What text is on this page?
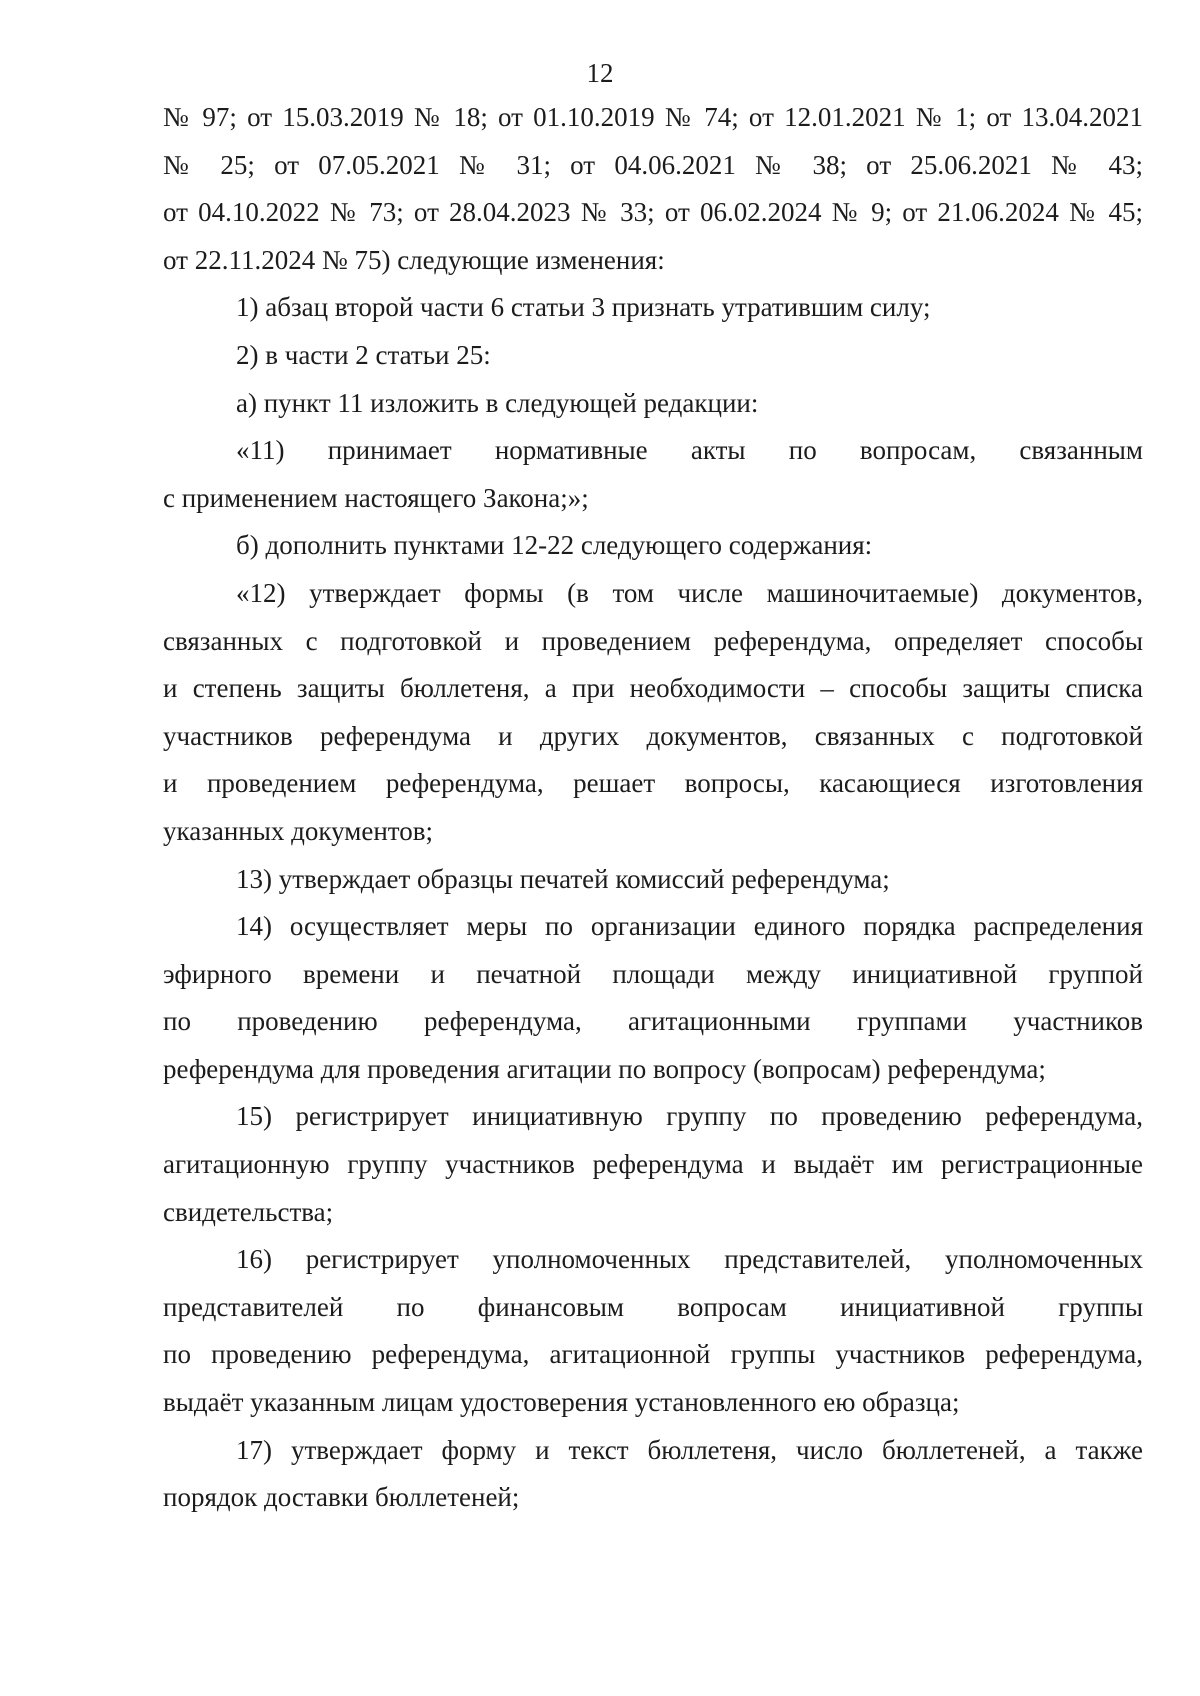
12
№ 97; от 15.03.2019 № 18; от 01.10.2019 № 74; от 12.01.2021 № 1; от 13.04.2021
№ 25; от 07.05.2021 № 31; от 04.06.2021 № 38; от 25.06.2021 № 43;
от 04.10.2022 № 73; от 28.04.2023 № 33; от 06.02.2024 № 9; от 21.06.2024 № 45;
от 22.11.2024 № 75) следующие изменения:
1) абзац второй части 6 статьи 3 признать утратившим силу;
2) в части 2 статьи 25:
а) пункт 11 изложить в следующей редакции:
«11) принимает нормативные акты по вопросам, связанным
с применением настоящего Закона;»;
б) дополнить пунктами 12-22 следующего содержания:
«12) утверждает формы (в том числе машиночитаемые) документов,
связанных с подготовкой и проведением референдума, определяет способы
и степень защиты бюллетеня, а при необходимости – способы защиты списка
участников референдума и других документов, связанных с подготовкой
и проведением референдума, решает вопросы, касающиеся изготовления
указанных документов;
13) утверждает образцы печатей комиссий референдума;
14) осуществляет меры по организации единого порядка распределения
эфирного времени и печатной площади между инициативной группой
по проведению референдума, агитационными группами участников
референдума для проведения агитации по вопросу (вопросам) референдума;
15) регистрирует инициативную группу по проведению референдума,
агитационную группу участников референдума и выдаёт им регистрационные
свидетельства;
16) регистрирует уполномоченных представителей, уполномоченных
представителей по финансовым вопросам инициативной группы
по проведению референдума, агитационной группы участников референдума,
выдаёт указанным лицам удостоверения установленного ею образца;
17) утверждает форму и текст бюллетеня, число бюллетеней, а также
порядок доставки бюллетеней;
